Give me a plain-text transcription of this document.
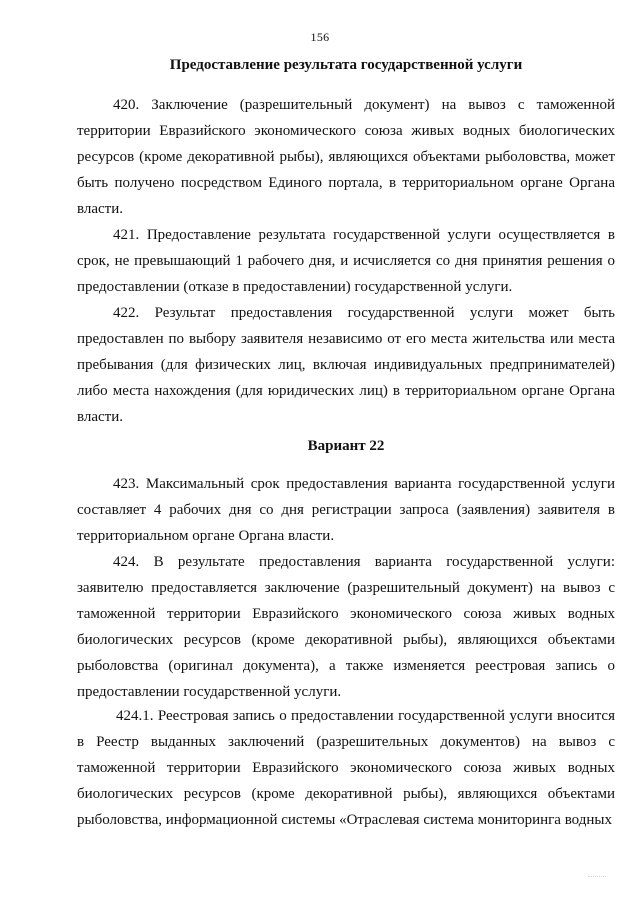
156
Предоставление результата государственной услуги

420. Заключение (разрешительный документ) на вывоз с таможенной территории Евразийского экономического союза живых водных биологических ресурсов (кроме декоративной рыбы), являющихся объектами рыболовства, может быть получено посредством Единого портала, в территориальном органе Органа власти.

421. Предоставление результата государственной услуги осуществляется в срок, не превышающий 1 рабочего дня, и исчисляется со дня принятия решения о предоставлении (отказе в предоставлении) государственной услуги.

422. Результат предоставления государственной услуги может быть предоставлен по выбору заявителя независимо от его места жительства или места пребывания (для физических лиц, включая индивидуальных предпринимателей) либо места нахождения (для юридических лиц) в территориальном органе Органа власти.

Вариант 22

423. Максимальный срок предоставления варианта государственной услуги составляет 4 рабочих дня со дня регистрации запроса (заявления) заявителя в территориальном органе Органа власти.

424. В результате предоставления варианта государственной услуги: заявителю предоставляется заключение (разрешительный документ) на вывоз с таможенной территории Евразийского экономического союза живых водных биологических ресурсов (кроме декоративной рыбы), являющихся объектами рыболовства (оригинал документа), а также изменяется реестровая запись о предоставлении государственной услуги.

424.1. Реестровая запись о предоставлении государственной услуги вносится в Реестр выданных заключений (разрешительных документов) на вывоз с таможенной территории Евразийского экономического союза живых водных биологических ресурсов (кроме декоративной рыбы), являющихся объектами рыболовства, информационной системы «Отраслевая система мониторинга водных
